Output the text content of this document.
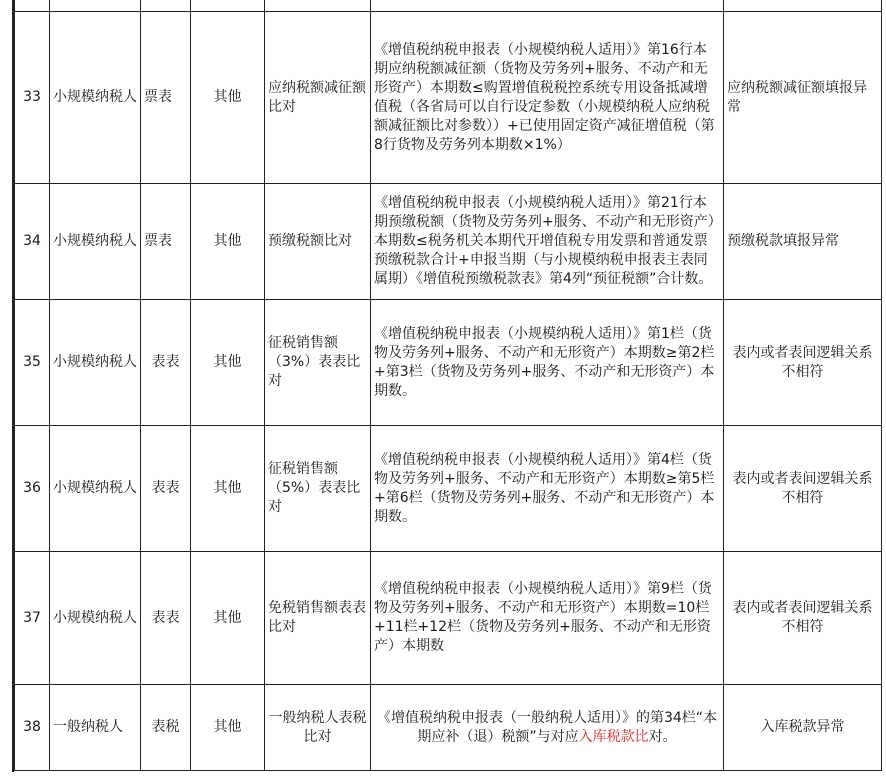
33	小规模纳税人	票表	其他	应纳税额减征额比对	《增值税纳税申报表（小规模纳税人适用）》第16行本期应纳税额减征额（货物及劳务列+服务、不动产和无形资产）本期数≤购置增值税税控系统专用设备抵减增值税（各省局可以自行设定参数（小规模纳税人应纳税额减征额比对参数））+已使用固定资产减征增值税（第8行货物及劳务列本期数×1%）	应纳税额减征额填报异常
34	小规模纳税人	票表	其他	预缴税额比对	《增值税纳税申报表（小规模纳税人适用）》第21行本期预缴税额（货物及劳务列+服务、不动产和无形资产）本期数≤税务机关本期代开增值税专用发票和普通发票预缴税款合计+申报当期（与小规模纳税申报表主表同属期）《增值税预缴税款表》第4列“预征税额”合计数。	预缴税款填报异常
35	小规模纳税人	表表	其他	征税销售额（3%）表表比对	《增值税纳税申报表（小规模纳税人适用）》第1栏（货物及劳务列+服务、不动产和无形资产）本期数≥第2栏+第3栏（货物及劳务列+服务、不动产和无形资产）本期数。	表内或者表间逻辑关系不相符
36	小规模纳税人	表表	其他	征税销售额（5%）表表比对	《增值税纳税申报表（小规模纳税人适用）》第4栏（货物及劳务列+服务、不动产和无形资产）本期数≥第5栏+第6栏（货物及劳务列+服务、不动产和无形资产）本期数。	表内或者表间逻辑关系不相符
37	小规模纳税人	表表	其他	免税销售额表表比对	《增值税纳税申报表（小规模纳税人适用）》第9栏（货物及劳务列+服务、不动产和无形资产）本期数=10栏+11栏+12栏（货物及劳务列+服务、不动产和无形资产）本期数	表内或者表间逻辑关系不相符
38	一般纳税人	表税	其他	一般纳税人表税比对	《增值税纳税申报表（一般纳税人适用）》的第34栏“本期应补（退）税额”与对应入库税款比对。	入库税款异常
